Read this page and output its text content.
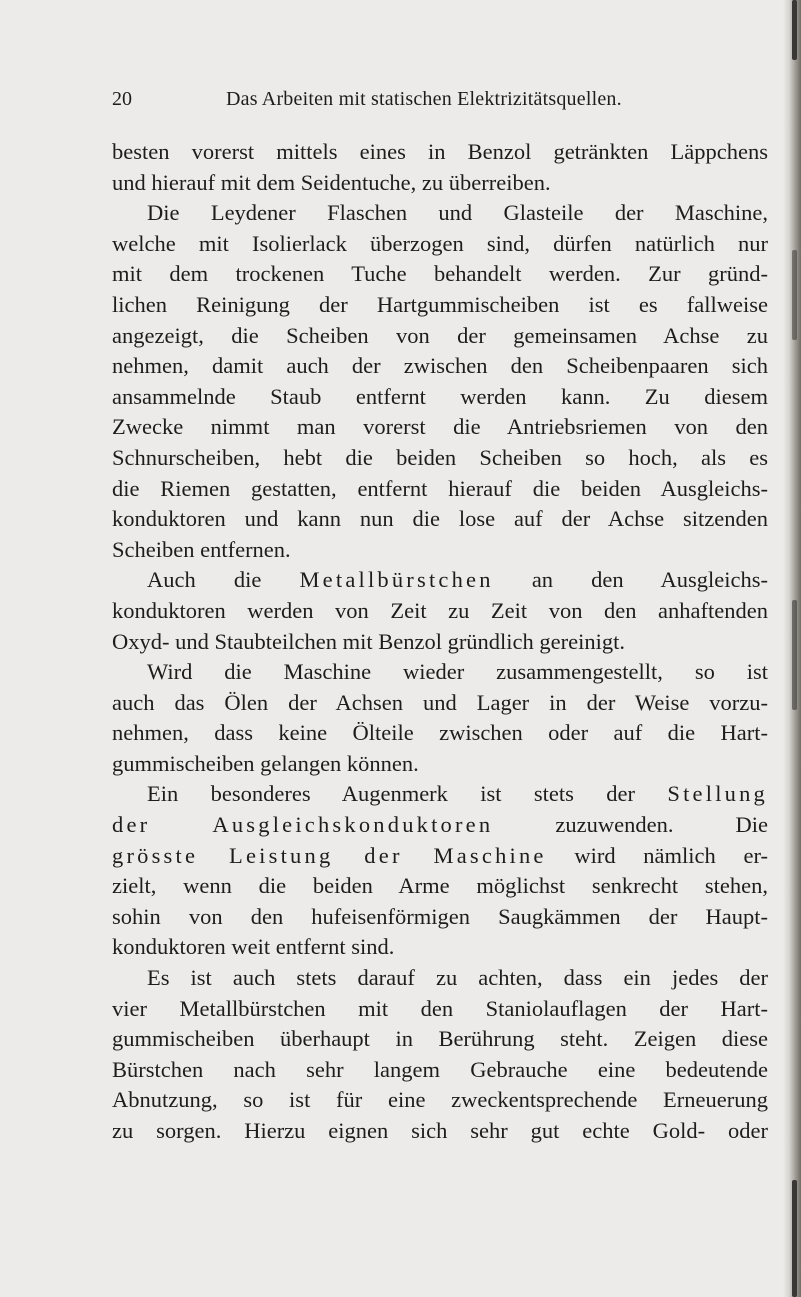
20	Das Arbeiten mit statischen Elektrizitätsquellen.
besten vorerst mittels eines in Benzol getränkten Läppchens
und hierauf mit dem Seidentuche, zu überreiben.
Die Leydener Flaschen und Glasteile der Maschine,
welche mit Isolierlack überzogen sind, dürfen natürlich nur
mit dem trockenen Tuche behandelt werden. Zur gründ-
lichen Reinigung der Hartgummischeiben ist es fallweise
angezeigt, die Scheiben von der gemeinsamen Achse zu
nehmen, damit auch der zwischen den Scheibenpaaren sich
ansammelnde Staub entfernt werden kann. Zu diesem
Zwecke nimmt man vorerst die Antriebsriemen von den
Schnurscheiben, hebt die beiden Scheiben so hoch, als es
die Riemen gestatten, entfernt hierauf die beiden Ausgleichs-
konduktoren und kann nun die lose auf der Achse sitzenden
Scheiben entfernen.
Auch die Metallbürstchen an den Ausgleichs-
konduktoren werden von Zeit zu Zeit von den anhaftenden
Oxyd- und Staubteilchen mit Benzol gründlich gereinigt.
Wird die Maschine wieder zusammengestellt, so ist
auch das Ölen der Achsen und Lager in der Weise vorzu-
nehmen, dass keine Ölteile zwischen oder auf die Hart-
gummischeiben gelangen können.
Ein besonderes Augenmerk ist stets der Stellung
der	Ausgleichskonduktoren	zuzuwenden. Die
grösste Leistung der Maschine wird nämlich er-
zielt, wenn die beiden Arme möglichst senkrecht stehen,
sohin von den hufeisenförmigen Saugkämmen der Haupt-
konduktoren weit entfernt sind.
Es ist auch stets darauf zu achten, dass ein jedes der
vier Metallbürstchen mit den Staniolauflagen der Hart-
gummischeiben überhaupt in Berührung steht. Zeigen diese
Bürstchen nach sehr langem Gebrauche eine bedeutende
Abnutzung, so ist für eine zweckentsprechende Erneuerung
zu sorgen. Hierzu eignen sich sehr gut echte Gold- oder
